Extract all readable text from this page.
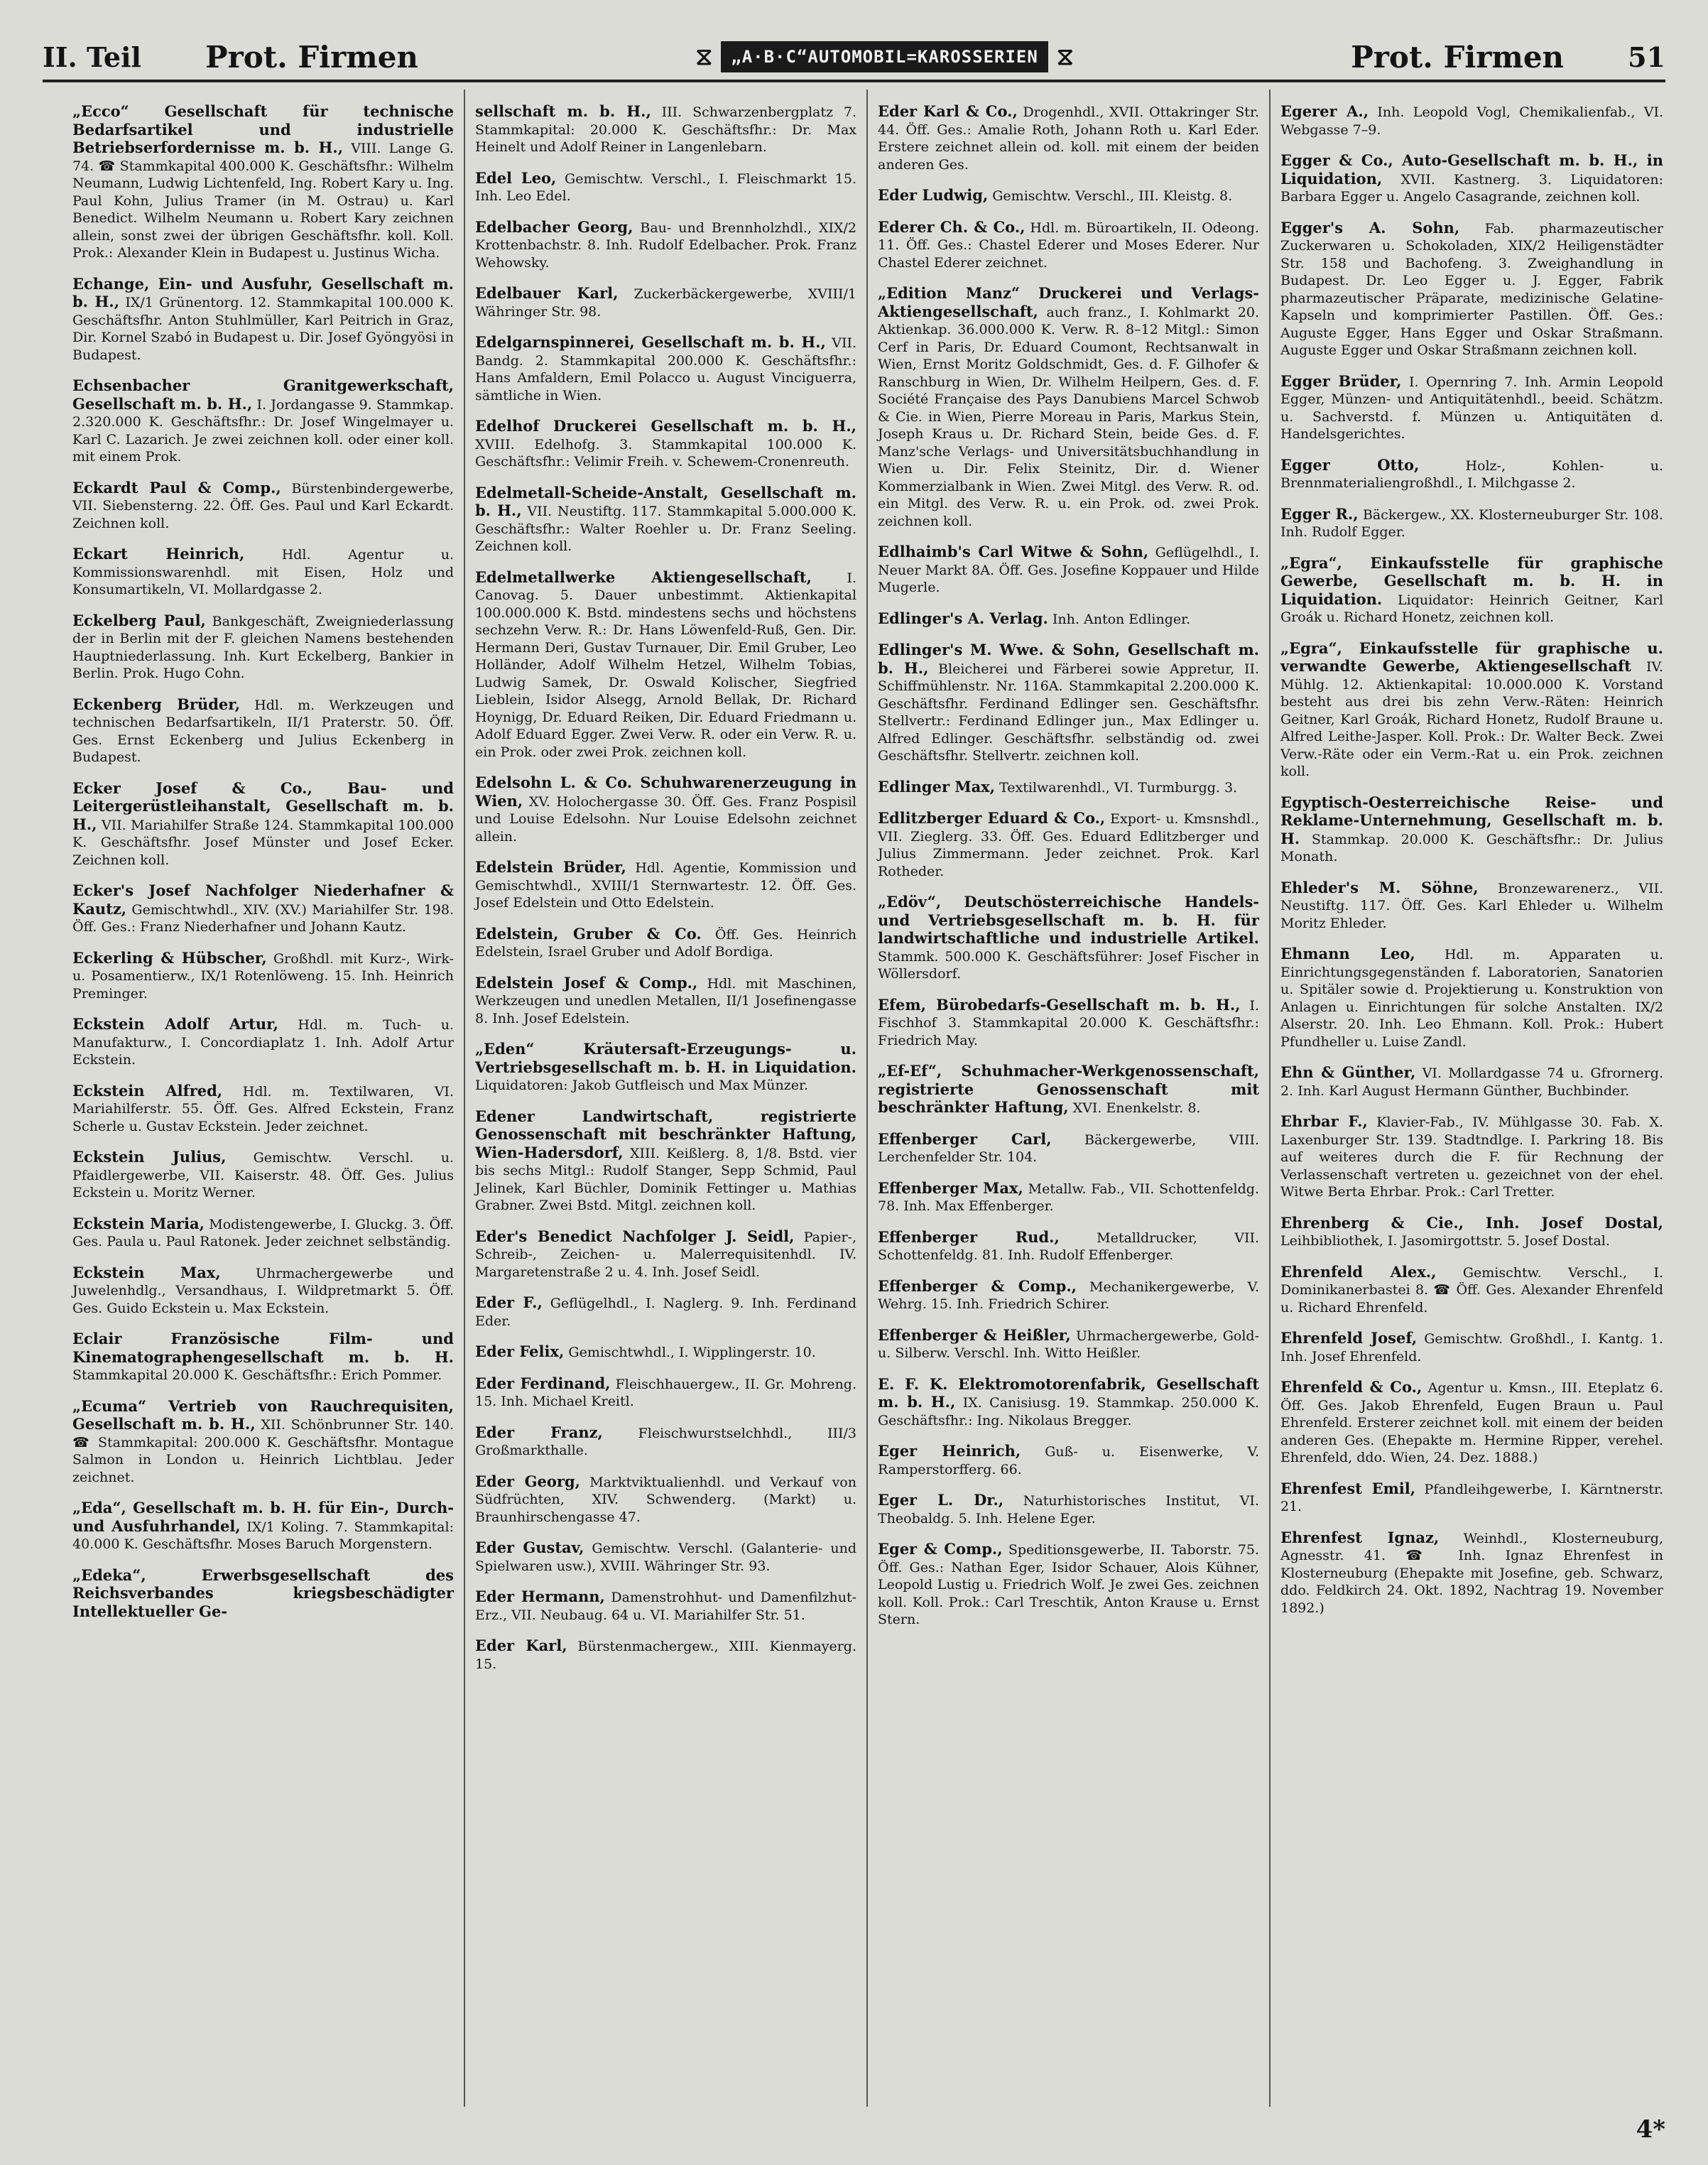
II. Teil Prot. Firmen	⧖	„A·B·C“AUTOMOBIL=KAROSSERIEN ⧖	Prot. Firmen 51

„Ecco“ Gesellschaft für technische Bedarfsartikel und industrielle Betriebserfordernisse m. b. H., VIII. Lange G. 74. ☎ Stammkapital 400.000 K. Geschäftsfhr.: Wilhelm Neumann, Ludwig Lichtenfeld, Ing. Robert Kary u. Ing. Paul Kohn, Julius Tramer (in M. Ostrau) u. Karl Benedict. Wilhelm Neumann u. Robert Kary zeichnen allein, sonst zwei der übrigen Geschäftsfhr. koll. Koll. Prok.: Alexander Klein in Budapest u. Justinus Wicha.

Echange, Ein- und Ausfuhr, Gesellschaft m. b. H., IX/1 Grünentorg. 12. Stammkapital 100.000 K. Geschäftsfhr. Anton Stuhlmüller, Karl Peitrich in Graz, Dir. Kornel Szabó in Budapest u. Dir. Josef Gyöngyösi in Budapest.

Echsenbacher Granitgewerkschaft, Gesellschaft m. b. H., I. Jordangasse 9. Stammkap. 2.320.000 K. Geschäftsfhr.: Dr. Josef Wingelmayer u. Karl C. Lazarich. Je zwei zeichnen koll. oder einer koll. mit einem Prok.

Eckardt Paul & Comp., Bürstenbindergewerbe, VII. Siebensterng. 22. Öff. Ges. Paul und Karl Eckardt. Zeichnen koll.

Eckart Heinrich,	Hdl. Agentur u. Kommissionswarenhdl. mit Eisen, Holz und Konsumartikeln, VI. Mollardgasse 2.

Eckelberg Paul, Bankgeschäft, Zweigniederlassung der in Berlin mit der F. gleichen Namens bestehenden Hauptniederlassung. Inh. Kurt Eckelberg, Bankier in Berlin. Prok. Hugo Cohn.

Eckenberg Brüder, Hdl. m. Werkzeugen und technischen Bedarfsartikeln, II/1 Praterstr. 50. Öff. Ges. Ernst Eckenberg und Julius Eckenberg in Budapest.

Ecker Josef & Co., Bau- und Leitergerüstleihanstalt, Gesellschaft m. b. H., VII. Mariahilfer Straße 124. Stammkapital 100.000 K. Geschäftsfhr. Josef Münster und Josef Ecker. Zeichnen koll.

Ecker's Josef Nachfolger Niederhafner & Kautz, Gemischtwhdl., XIV. (XV.) Mariahilfer Str. 198. Öff. Ges.: Franz Niederhafner und Johann Kautz.

Eckerling & Hübscher, Großhdl. mit Kurz-, Wirk- u. Posamentierw., IX/1 Rotenlöweng. 15. Inh. Heinrich Preminger.

Eckstein Adolf Artur, Hdl. m. Tuch- u. Manufakturw., I. Concordiaplatz 1. Inh. Adolf Artur Eckstein.

Eckstein Alfred, Hdl. m. Textilwaren, VI. Mariahilferstr. 55. Öff. Ges. Alfred Eckstein, Franz Scherle u. Gustav Eckstein. Jeder zeichnet.

Eckstein Julius, Gemischtw. Verschl. u. Pfaidlergewerbe, VII. Kaiserstr. 48. Öff. Ges. Julius Eckstein u. Moritz Werner.

Eckstein Maria, Modistengewerbe, I. Gluckg. 3. Öff. Ges. Paula u. Paul Ratonek. Jeder zeichnet selbständig.

Eckstein Max,	Uhrmachergewerbe und Juwelenhdlg., Versandhaus, I. Wildpretmarkt 5. Öff. Ges. Guido Eckstein u. Max Eckstein.

Eclair Französische Film- und Kinematographengesellschaft m. b. H. Stammkapital 20.000 K. Geschäftsfhr.: Erich Pommer.

„Ecuma“ Vertrieb von Rauchrequisiten, Gesellschaft m. b. H., XII. Schönbrunner Str. 140. ☎ Stammkapital: 200.000 K. Geschäftsfhr. Montague Salmon in London u. Heinrich Lichtblau. Jeder zeichnet.

„Eda“, Gesellschaft m. b. H. für Ein-, Durch- und Ausfuhrhandel, IX/1 Koling. 7. Stammkapital: 40.000 K. Geschäftsfhr. Moses Baruch Morgenstern.

„Edeka“, Erwerbsgesellschaft des Reichsverbandes kriegsbeschädigter Intellektueller Ge-

sellschaft m. b. H., III. Schwarzenbergplatz 7. Stammkapital: 20.000 K. Geschäftsfhr.: Dr. Max Heinelt und Adolf Reiner in Langenlebarn.

Edel Leo, Gemischtw. Verschl., I. Fleischmarkt 15. Inh. Leo Edel.

Edelbacher Georg, Bau- und Brennholzhdl., XIX/2 Krottenbachstr. 8. Inh. Rudolf Edelbacher. Prok. Franz Wehowsky.

Edelbauer Karl, Zuckerbäckergewerbe, XVIII/1 Währinger Str. 98.

Edelgarnspinnerei, Gesellschaft m. b. H., VII. Bandg. 2. Stammkapital 200.000 K. Geschäftsfhr.: Hans Amfaldern, Emil Polacco u. August Vinciguerra, sämtliche in Wien.

Edelhof Druckerei Gesellschaft m. b. H., XVIII. Edelhofg. 3. Stammkapital 100.000 K. Geschäftsfhr.: Velimir Freih. v. Schewem-Cronenreuth.

Edelmetall-Scheide-Anstalt, Gesellschaft m. b. H., VII. Neustiftg. 117. Stammkapital 5.000.000 K. Geschäftsfhr.: Walter Roehler u. Dr. Franz Seeling. Zeichnen koll.

Edelmetallwerke Aktiengesellschaft,	I. Canovag. 5. Dauer unbestimmt. Aktienkapital 100.000.000 K. Bstd. mindestens sechs und höchstens sechzehn Verw. R.: Dr. Hans Löwenfeld-Ruß, Gen. Dir. Hermann Deri, Gustav Turnauer, Dir. Emil Gruber, Leo Holländer, Adolf Wilhelm Hetzel, Wilhelm Tobias, Ludwig Samek, Dr. Oswald Kolischer, Siegfried Lieblein, Isidor Alsegg, Arnold Bellak, Dr. Richard Hoynigg, Dr. Eduard Reiken, Dir. Eduard Friedmann u. Adolf Eduard Egger. Zwei Verw. R. oder ein Verw. R. u. ein Prok. oder zwei Prok. zeichnen koll.

Edelsohn L. & Co. Schuhwarenerzeugung in Wien, XV. Holochergasse 30. Öff. Ges. Franz Pospisil und Louise Edelsohn. Nur Louise Edelsohn zeichnet allein.

Edelstein Brüder, Hdl. Agentie, Kommission und Gemischtwhdl., XVIII/1 Sternwartestr. 12. Öff. Ges. Josef Edelstein und Otto Edelstein.

Edelstein, Gruber & Co. Öff. Ges. Heinrich Edelstein, Israel Gruber und Adolf Bordiga.

Edelstein Josef & Comp., Hdl. mit Maschinen, Werkzeugen und unedlen Metallen, II/1 Josefinengasse 8. Inh. Josef Edelstein.

„Eden“ Kräutersaft-Erzeugungs- u. Vertriebsgesellschaft m. b. H. in Liquidation. Liquidatoren: Jakob Gutfleisch und Max Münzer.

Edener Landwirtschaft, registrierte Genossenschaft mit beschränkter Haftung, Wien-Hadersdorf, XIII. Keißlerg. 8, 1/8. Bstd. vier bis sechs Mitgl.: Rudolf Stanger, Sepp Schmid, Paul Jelinek, Karl Büchler, Dominik Fettinger u. Mathias Grabner. Zwei Bstd. Mitgl. zeichnen koll.

Eder's Benedict Nachfolger J. Seidl, Papier-, Schreib-, Zeichen- u. Malerrequisitenhdl. IV. Margaretenstraße 2 u. 4. Inh. Josef Seidl.

Eder F., Geflügelhdl., I. Naglerg. 9. Inh. Ferdinand Eder.

Eder Felix, Gemischtwhdl., I. Wipplingerstr. 10.

Eder Ferdinand, Fleischhauergew., II. Gr. Mohreng. 15. Inh. Michael Kreitl.

Eder Franz,	Fleischwurstselchhdl., III/3 Großmarkthalle.

Eder Georg, Marktviktualienhdl. und Verkauf von Südfrüchten, XIV. Schwenderg. (Markt) u. Braunhirschengasse 47.

Eder Gustav, Gemischtw. Verschl. (Galanterie- und Spielwaren usw.), XVIII. Währinger Str. 93.

Eder Hermann, Damenstrohhut- und Damenfilzhut-Erz., VII. Neubaug. 64 u. VI. Mariahilfer Str. 51.

Eder Karl, Bürstenmachergew., XIII. Kienmayerg. 15.

Eder Karl & Co., Drogenhdl., XVII. Ottakringer Str. 44. Öff. Ges.: Amalie Roth, Johann Roth u. Karl Eder. Erstere zeichnet allein od. koll. mit einem der beiden anderen Ges.

Eder Ludwig, Gemischtw. Verschl., III. Kleistg. 8.

Ederer Ch. & Co., Hdl. m. Büroartikeln, II. Odeong. 11. Öff. Ges.: Chastel Ederer und Moses Ederer. Nur Chastel Ederer zeichnet.

„Edition Manz“ Druckerei und Verlags-Aktiengesellschaft, auch franz., I. Kohlmarkt 20. Aktienkap. 36.000.000 K. Verw. R. 8–12 Mitgl.: Simon Cerf in Paris, Dr. Eduard Coumont, Rechtsanwalt in Wien, Ernst Moritz Goldschmidt, Ges. d. F. Gilhofer & Ranschburg in Wien, Dr. Wilhelm Heilpern, Ges. d. F. Société Française des Pays Danubiens Marcel Schwob & Cie. in Wien, Pierre Moreau in Paris, Markus Stein, Joseph Kraus u. Dr. Richard Stein, beide Ges. d. F. Manz'sche Verlags- und Universitätsbuchhandlung in Wien u. Dir. Felix Steinitz, Dir. d. Wiener Kommerzialbank in Wien. Zwei Mitgl. des Verw. R. od. ein Mitgl. des Verw. R. u. ein Prok. od. zwei Prok. zeichnen koll.

Edlhaimb's Carl Witwe & Sohn, Geflügelhdl., I. Neuer Markt 8A. Öff. Ges. Josefine Koppauer und Hilde Mugerle.

Edlinger's A. Verlag. Inh. Anton Edlinger.

Edlinger's M. Wwe. & Sohn, Gesellschaft m. b. H., Bleicherei und Färberei sowie Appretur, II. Schiffmühlenstr. Nr. 116A. Stammkapital 2.200.000 K. Geschäftsfhr. Ferdinand Edlinger sen. Geschäftsfhr. Stellvertr.: Ferdinand Edlinger jun., Max Edlinger u. Alfred Edlinger. Geschäftsfhr. selbständig od. zwei Geschäftsfhr. Stellvertr. zeichnen koll.

Edlinger Max, Textilwarenhdl., VI. Turmburgg. 3.

Edlitzberger Eduard & Co., Export- u. Kmsnshdl., VII. Zieglerg. 33. Öff. Ges. Eduard Edlitzberger und Julius Zimmermann. Jeder zeichnet. Prok. Karl Rotheder.

„Edöv“, Deutschösterreichische Handels- und Vertriebsgesellschaft m. b. H. für landwirtschaftliche und industrielle Artikel. Stammk. 500.000 K. Geschäftsführer: Josef Fischer in Wöllersdorf.

Efem, Bürobedarfs-Gesellschaft m. b. H., I. Fischhof 3. Stammkapital 20.000 K. Geschäftsfhr.: Friedrich May.

„Ef-Ef“, Schuhmacher-Werkgenossenschaft, registrierte Genossenschaft mit beschränkter Haftung, XVI. Enenkelstr. 8.

Effenberger Carl, Bäckergewerbe, VIII. Lerchenfelder Str. 104.

Effenberger Max, Metallw. Fab., VII. Schottenfeldg. 78. Inh. Max Effenberger.

Effenberger Rud.,	Metalldrucker, VII. Schottenfeldg. 81. Inh. Rudolf Effenberger.

Effenberger & Comp., Mechanikergewerbe, V. Wehrg. 15. Inh. Friedrich Schirer.

Effenberger & Heißler, Uhrmachergewerbe, Gold- u. Silberw. Verschl. Inh. Witto Heißler.

E. F. K. Elektromotorenfabrik, Gesellschaft m. b. H., IX. Canisiusg. 19. Stammkap. 250.000 K. Geschäftsfhr.: Ing. Nikolaus Bregger.

Eger Heinrich, Guß- u. Eisenwerke, V. Ramperstorfferg. 66.

Eger L. Dr., Naturhistorisches Institut, VI. Theobaldg. 5. Inh. Helene Eger.

Eger & Comp., Speditionsgewerbe, II. Taborstr. 75. Öff. Ges.: Nathan Eger, Isidor Schauer, Alois Kühner, Leopold Lustig u. Friedrich Wolf. Je zwei Ges. zeichnen koll. Koll. Prok.: Carl Treschtik, Anton Krause u. Ernst Stern.

Egerer A., Inh. Leopold Vogl, Chemikalienfab., VI. Webgasse 7–9.

Egger & Co., Auto-Gesellschaft m. b. H., in Liquidation, XVII. Kastnerg. 3. Liquidatoren: Barbara Egger u. Angelo Casagrande, zeichnen koll.

Egger's A. Sohn, Fab. pharmazeutischer Zuckerwaren u. Schokoladen, XIX/2 Heiligenstädter Str. 158 und Bachofeng. 3. Zweighandlung in Budapest. Dr. Leo Egger u. J. Egger, Fabrik pharmazeutischer Präparate, medizinische Gelatine-Kapseln und komprimierter Pastillen. Öff. Ges.: Auguste Egger, Hans Egger und Oskar Straßmann. Auguste Egger und Oskar Straßmann zeichnen koll.

Egger Brüder, I. Opernring 7. Inh. Armin Leopold Egger, Münzen- und Antiquitätenhdl., beeid. Schätzm. u. Sachverstd. f. Münzen u. Antiquitäten d. Handelsgerichtes.

Egger Otto,	Holz-, Kohlen- u. Brennmaterialiengroßhdl., I. Milchgasse 2.

Egger R., Bäckergew., XX. Klosterneuburger Str. 108. Inh. Rudolf Egger.

„Egra“, Einkaufsstelle für graphische Gewerbe, Gesellschaft m. b. H. in Liquidation. Liquidator: Heinrich Geitner, Karl Groák u. Richard Honetz, zeichnen koll.

„Egra“, Einkaufsstelle für graphische u. verwandte Gewerbe, Aktiengesellschaft IV. Mühlg. 12. Aktienkapital: 10.000.000 K. Vorstand besteht aus drei bis zehn Verw.-Räten: Heinrich Geitner, Karl Groák, Richard Honetz, Rudolf Braune u. Alfred Leithe-Jasper. Koll. Prok.: Dr. Walter Beck. Zwei Verw.-Räte oder ein Verm.-Rat u. ein Prok. zeichnen koll.

Egyptisch-Oesterreichische Reise- und Reklame-Unternehmung, Gesellschaft m. b. H. Stammkap. 20.000 K. Geschäftsfhr.: Dr. Julius Monath.

Ehleder's M. Söhne, Bronzewarenerz., VII. Neustiftg. 117. Öff. Ges. Karl Ehleder u. Wilhelm Moritz Ehleder.

Ehmann Leo, Hdl. m. Apparaten u. Einrichtungsgegenständen f. Laboratorien, Sanatorien u. Spitäler sowie d. Projektierung u. Konstruktion von Anlagen u. Einrichtungen für solche Anstalten. IX/2 Alserstr. 20. Inh. Leo Ehmann. Koll. Prok.: Hubert Pfundheller u. Luise Zandl.

Ehn & Günther, VI. Mollardgasse 74 u. Gfrornerg. 2. Inh. Karl August Hermann Günther, Buchbinder.

Ehrbar F., Klavier-Fab., IV. Mühlgasse 30. Fab. X. Laxenburger Str. 139. Stadtndlge. I. Parkring 18. Bis auf weiteres durch die F. für Rechnung der Verlassenschaft vertreten u. gezeichnet von der ehel. Witwe Berta Ehrbar. Prok.: Carl Tretter.

Ehrenberg & Cie., Inh. Josef Dostal, Leihbibliothek, I. Jasomirgottstr. 5. Josef Dostal.

Ehrenfeld Alex., Gemischtw. Verschl., I. Dominikanerbastei 8. ☎ Öff. Ges. Alexander Ehrenfeld u. Richard Ehrenfeld.

Ehrenfeld Josef, Gemischtw. Großhdl., I. Kantg. 1. Inh. Josef Ehrenfeld.

Ehrenfeld & Co., Agentur u. Kmsn., III. Eteplatz 6. Öff. Ges. Jakob Ehrenfeld, Eugen Braun u. Paul Ehrenfeld. Ersterer zeichnet koll. mit einem der beiden anderen Ges. (Ehepakte m. Hermine Ripper, verehel. Ehrenfeld, ddo. Wien, 24. Dez. 1888.)

Ehrenfest Emil, Pfandleihgewerbe, I. Kärntnerstr. 21.

Ehrenfest Ignaz, Weinhdl., Klosterneuburg, Agnesstr. 41. ☎ Inh. Ignaz Ehrenfest in Klosterneuburg (Ehepakte mit Josefine, geb. Schwarz, ddo. Feldkirch 24. Okt. 1892, Nachtrag 19. November 1892.)

4*
